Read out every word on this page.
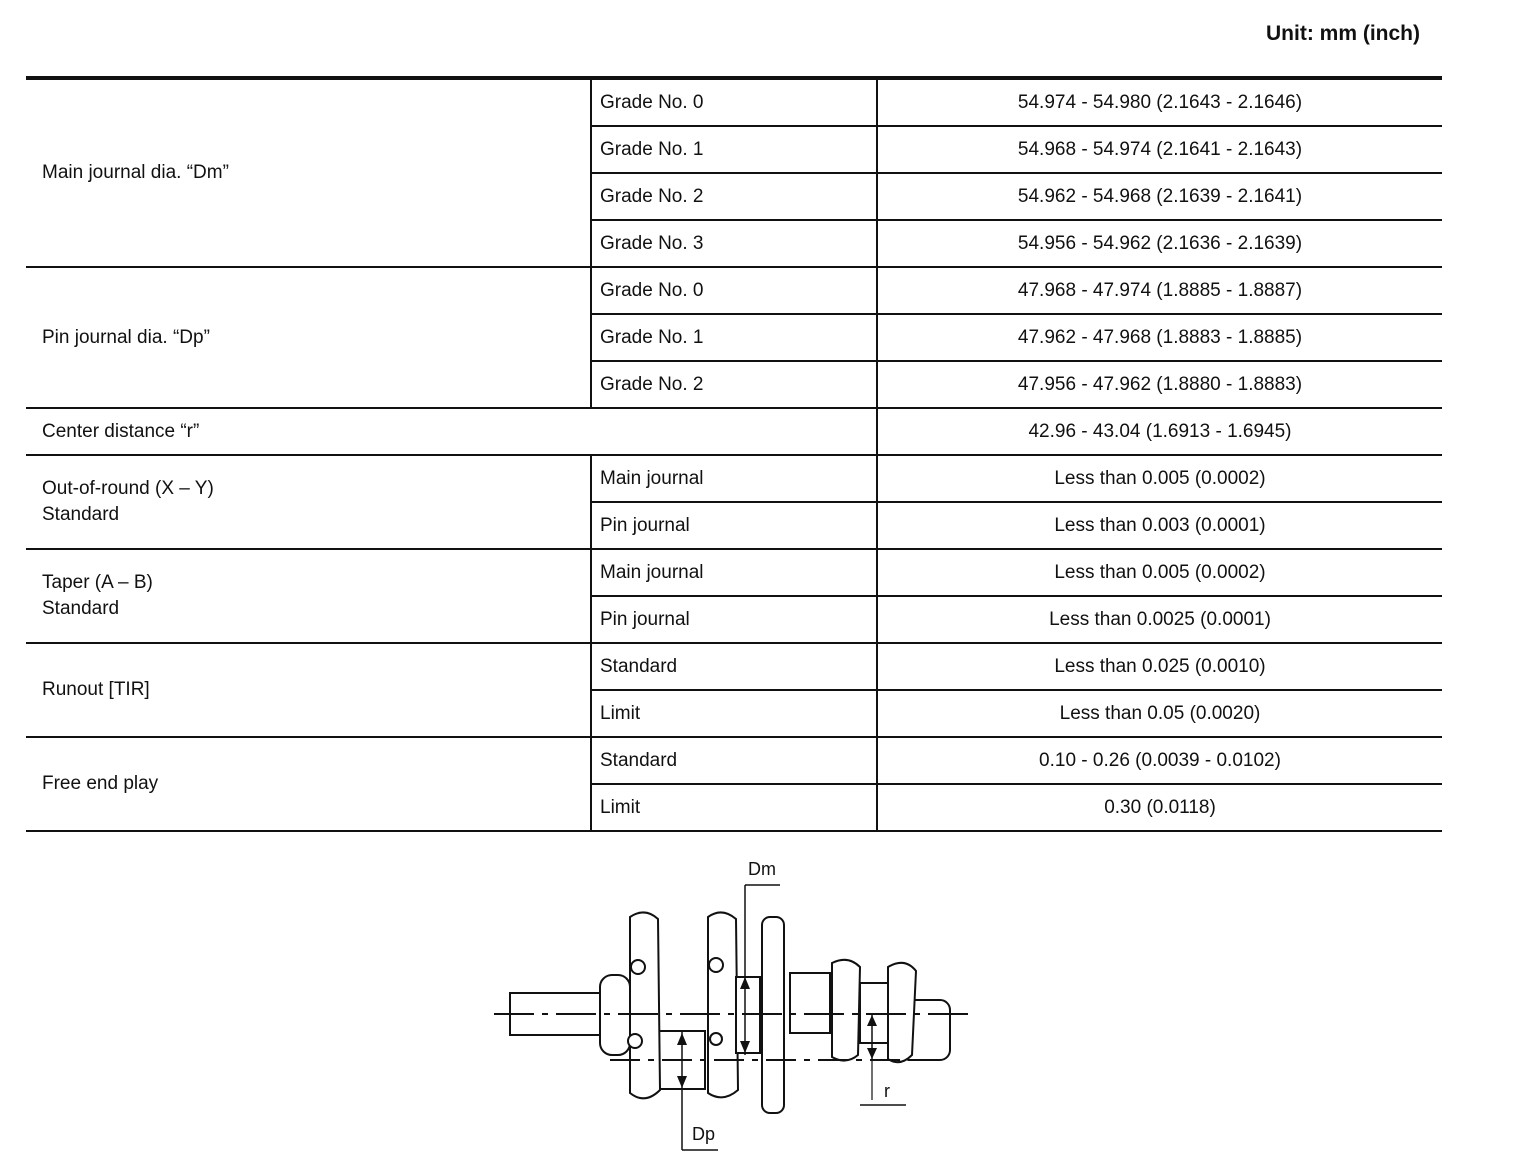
Unit: mm (inch)
Main journal dia. “Dm”	Grade No. 0	54.974 - 54.980 (2.1643 - 2.1646)
	Grade No. 1	54.968 - 54.974 (2.1641 - 2.1643)
	Grade No. 2	54.962 - 54.968 (2.1639 - 2.1641)
	Grade No. 3	54.956 - 54.962 (2.1636 - 2.1639)
Pin journal dia. “Dp”	Grade No. 0	47.968 - 47.974 (1.8885 - 1.8887)
	Grade No. 1	47.962 - 47.968 (1.8883 - 1.8885)
	Grade No. 2	47.956 - 47.962 (1.8880 - 1.8883)
Center distance “r”		42.96 - 43.04 (1.6913 - 1.6945)

Out-of-round (X – Y)
Standard	Main journal	Less than 0.005 (0.0002)
	Pin journal	Less than 0.003 (0.0001)

Taper (A – B)
Standard	Main journal	Less than 0.005 (0.0002)
	Pin journal	Less than 0.0025 (0.0001)
Runout [TIR]	Standard	Less than 0.025 (0.0010)
	Limit	Less than 0.05 (0.0020)
Free end play	Standard	0.10 - 0.26 (0.0039 - 0.0102)
	Limit	0.30 (0.0118)
Dm
Dp
r
